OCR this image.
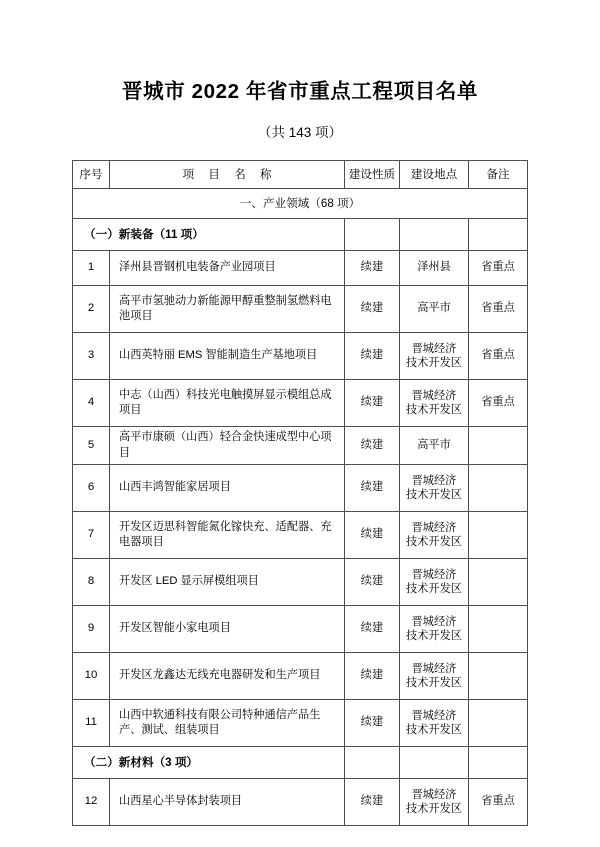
晋城市 2022 年省市重点工程项目名单
（共 143 项）
序号	项 目 名 称	建设性质	建设地点	备注
一、产业领域（68 项）				
（一）新装备（11 项）				
1	泽州县晋钢机电装备产业园项目	续建	泽州县	省重点
2	高平市氢驰动力新能源甲醇重整制氢燃料电池项目	续建	高平市	省重点
3	山西英特丽 EMS 智能制造生产基地项目	续建	晋城经济
技术开发区	省重点
4	中志（山西）科技光电触摸屏显示模组总成项目	续建	晋城经济
技术开发区	省重点
5	高平市康硕（山西）轻合金快速成型中心项目	续建	高平市	
6	山西丰鸿智能家居项目	续建	晋城经济
技术开发区	
7	开发区迈思科智能氮化镓快充、适配器、充电器项目	续建	晋城经济
技术开发区	
8	开发区 LED 显示屏模组项目	续建	晋城经济
技术开发区	
9	开发区智能小家电项目	续建	晋城经济
技术开发区	
10	开发区龙鑫达无线充电器研发和生产项目	续建	晋城经济
技术开发区	
11	山西中软通科技有限公司特种通信产品生产、测试、组装项目	续建	晋城经济
技术开发区	
（二）新材料（3 项）				
12	山西星心半导体封装项目	续建	晋城经济
技术开发区	省重点
